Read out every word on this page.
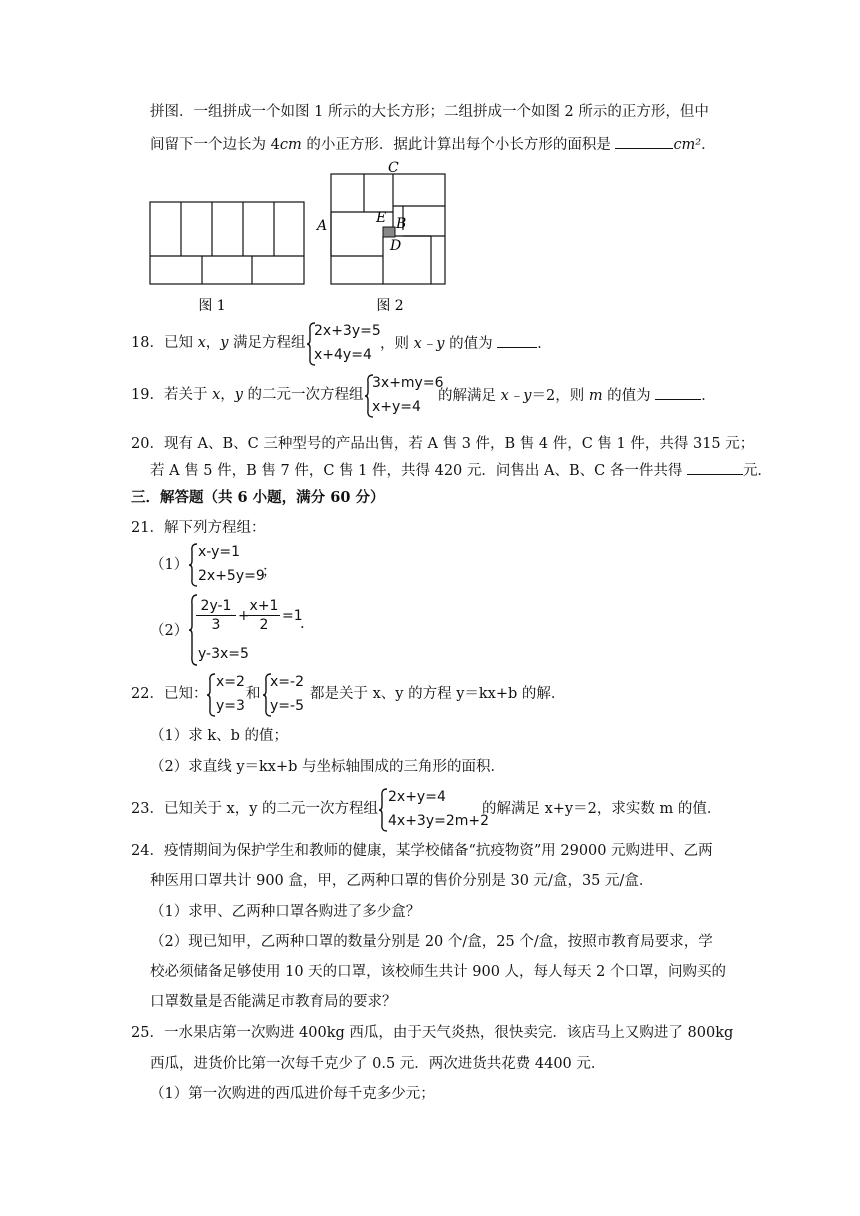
拼图．一组拼成一个如图 1 所示的大长方形；二组拼成一个如图 2 所示的正方形，但中
间留下一个边长为 4cm 的小正方形．据此计算出每个小长方形的面积是	cm²．
图 1
C
A	E B
D
图 2
18．已知 x，y 满足方程组
2x+3y=5
x+4y=4
，则 x﹣y 的值为	．
19．若关于 x，y 的二元一次方程组
3x+my=6
x+y=4
的解满足 x﹣y＝2，则 m 的值为	．
20．现有 A、B、C 三种型号的产品出售，若 A 售 3 件，B 售 4 件，C 售 1 件，共得 315 元；
若 A 售 5 件，B 售 7 件，C 售 1 件，共得 420 元．问售出 A、B、C 各一件共得	元．
三．解答题（共 6 小题，满分 60 分）
21．解下列方程组：
（1）
x-y=1
2x+5y=9
；
（2）
2y-1
3
+
x+1
2
=1
.
y-3x=5
22．已知：
x=2
y=3
和
x=-2
y=-5
都是关于 x、y 的方程 y＝kx+b 的解．
（1）求 k、b 的值；
（2）求直线 y＝kx+b 与坐标轴围成的三角形的面积．
23．已知关于 x，y 的二元一次方程组
2x+y=4
4x+3y=2m+2
的解满足 x+y＝2，求实数 m 的值．
24．疫情期间为保护学生和教师的健康，某学校储备“抗疫物资”用 29000 元购进甲、乙两
种医用口罩共计 900 盒，甲，乙两种口罩的售价分别是 30 元/盒，35 元/盒．
（1）求甲、乙两种口罩各购进了多少盒？
（2）现已知甲，乙两种口罩的数量分别是 20 个/盒，25 个/盒，按照市教育局要求，学
校必须储备足够使用 10 天的口罩，该校师生共计 900 人，每人每天 2 个口罩，问购买的
口罩数量是否能满足市教育局的要求？
25．一水果店第一次购进 400kg 西瓜，由于天气炎热，很快卖完．该店马上又购进了 800kg
西瓜，进货价比第一次每千克少了 0.5 元．两次进货共花费 4400 元．
（1）第一次购进的西瓜进价每千克多少元；
